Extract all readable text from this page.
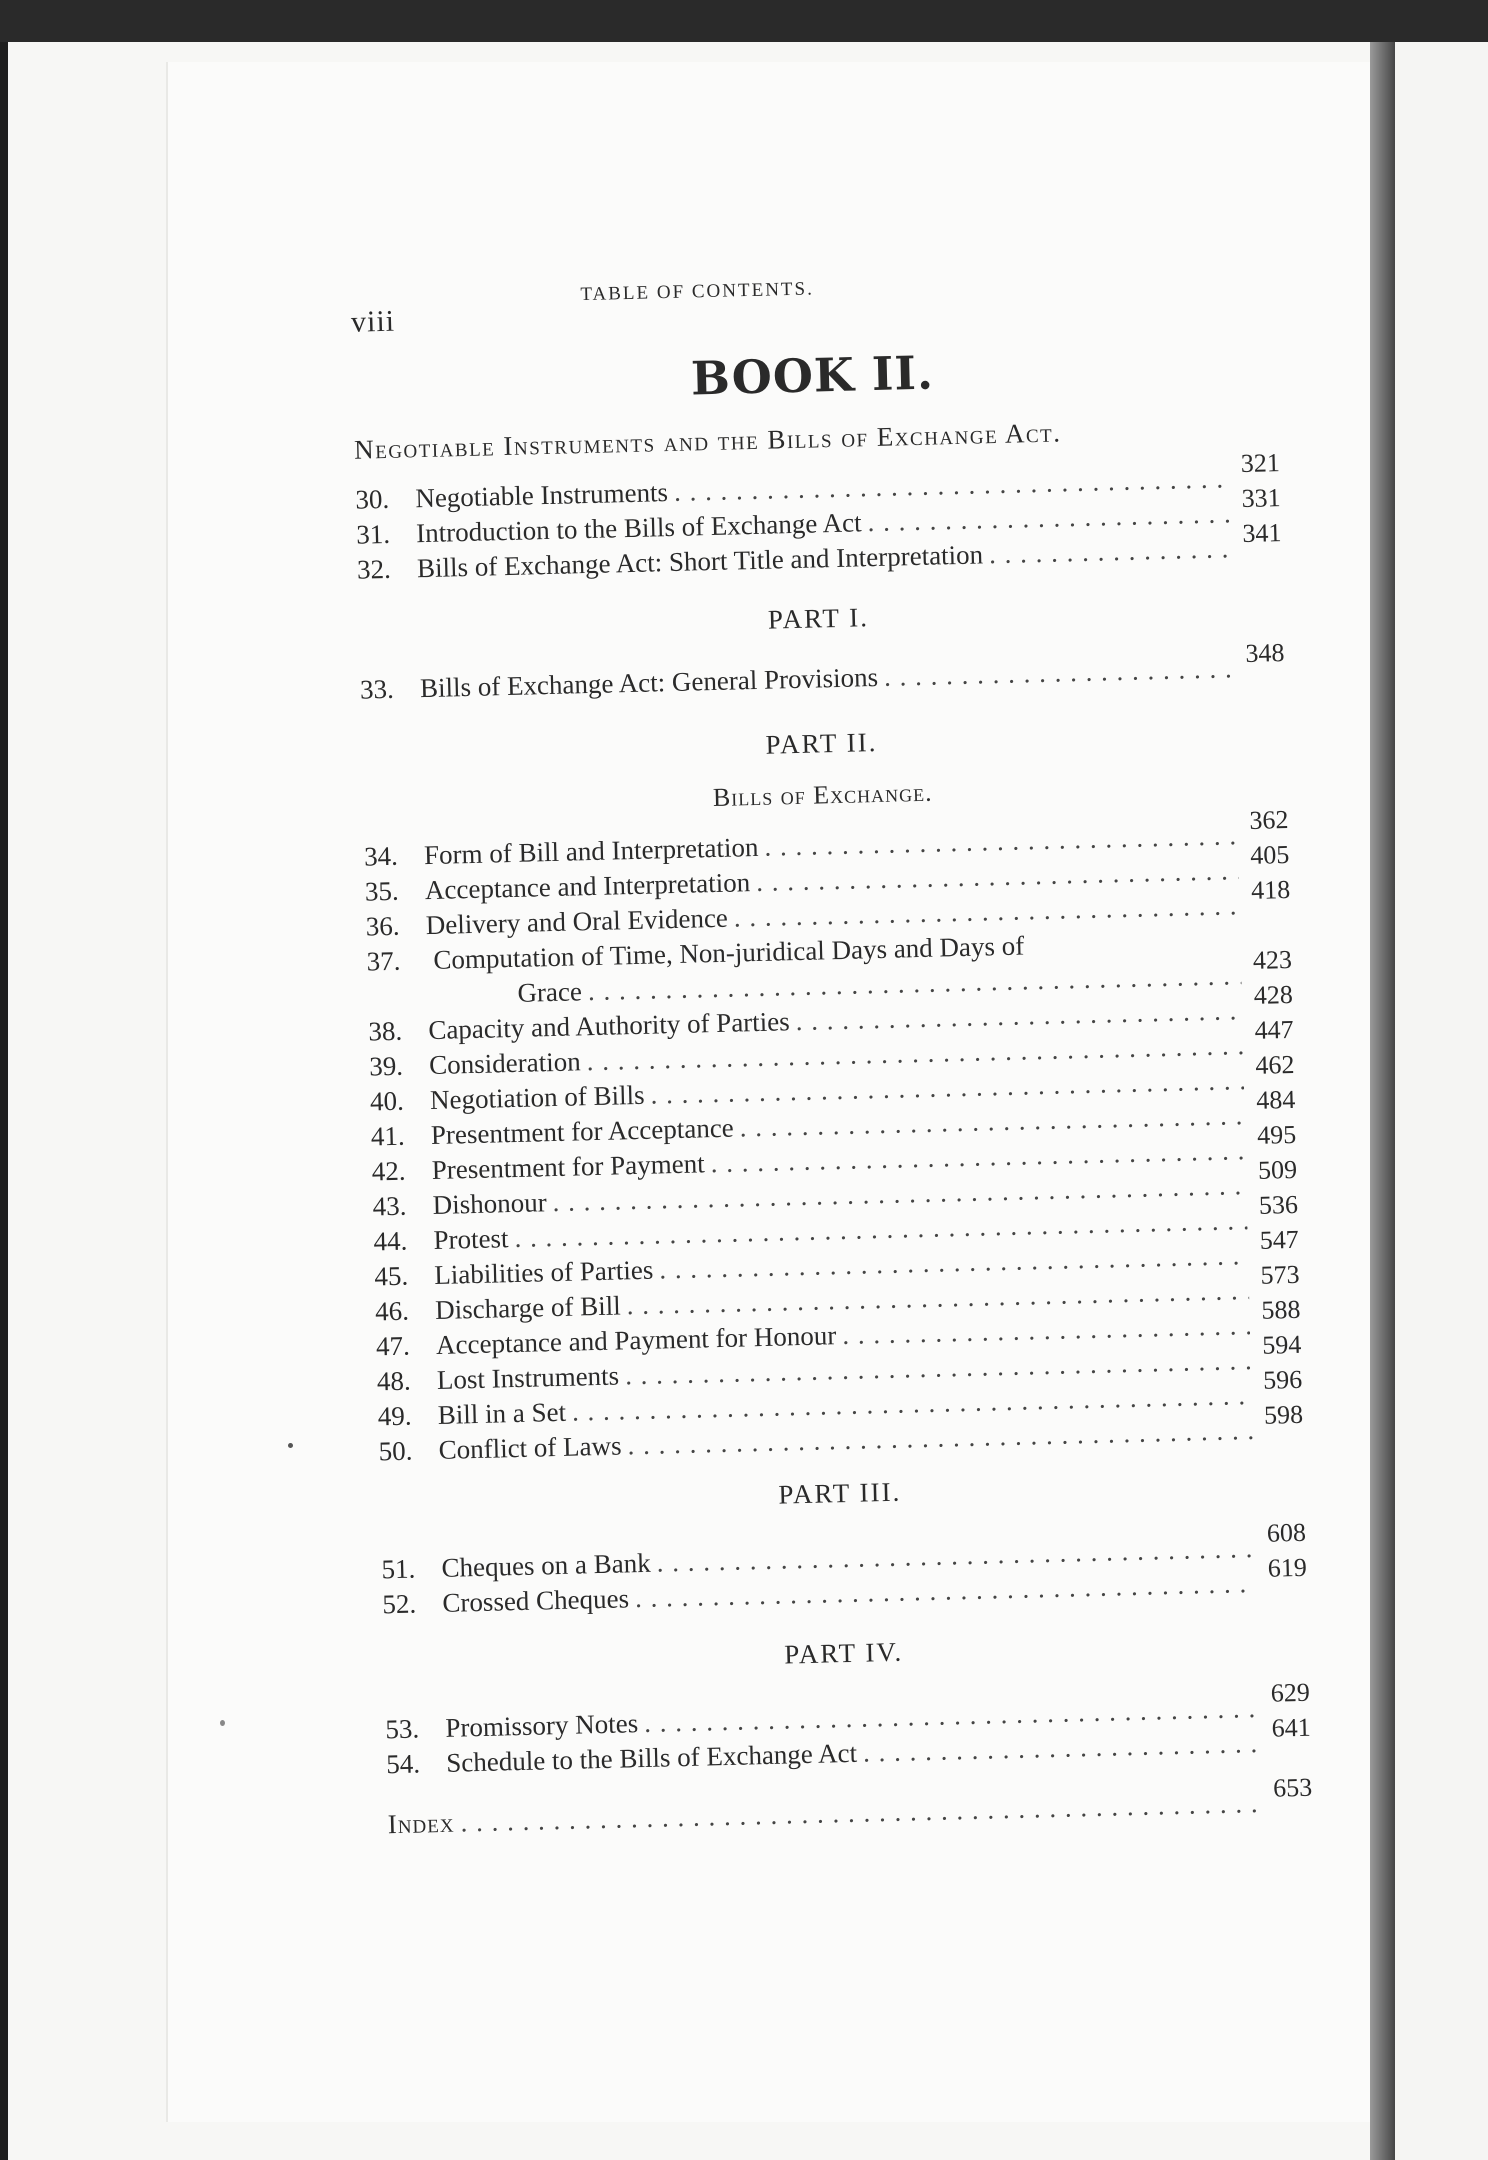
viii
TABLE OF CONTENTS.
BOOK II.
Negotiable Instruments and the Bills of Exchange Act.
30. Negotiable Instruments
. . .
321
31. Introduction to the Bills of Exchange Act
. . .
331
32. Bills of Exchange Act: Short Title and Interpretation
. . .
341
PART I.
33. Bills of Exchange Act: General Provisions
. . .
348
PART II.
Bills of Exchange.
34. Form of Bill and Interpretation
. . .
362
35. Acceptance and Interpretation
. . .
405
36. Delivery and Oral Evidence
. . .
418
37. Computation of Time, Non-juridical Days and Days of
Grace
. . .
423
38. Capacity and Authority of Parties
. . .
428
39. Consideration
. . .
447
40. Negotiation of Bills
. . .
462
41. Presentment for Acceptance
. . .
484
42. Presentment for Payment
. . .
495
43. Dishonour
. . .
509
44. Protest
. . .
536
45. Liabilities of Parties
. . .
547
46. Discharge of Bill
. . .
573
47. Acceptance and Payment for Honour
. . .
588
48. Lost Instruments
. . .
594
49. Bill in a Set
. . .
596
50. Conflict of Laws
. . .
598
PART III.
51. Cheques on a Bank
. . .
608
52. Crossed Cheques
. . .
619
PART IV.
53. Promissory Notes
. . .
629
54. Schedule to the Bills of Exchange Act
. . .
641
Index
. . .
653
